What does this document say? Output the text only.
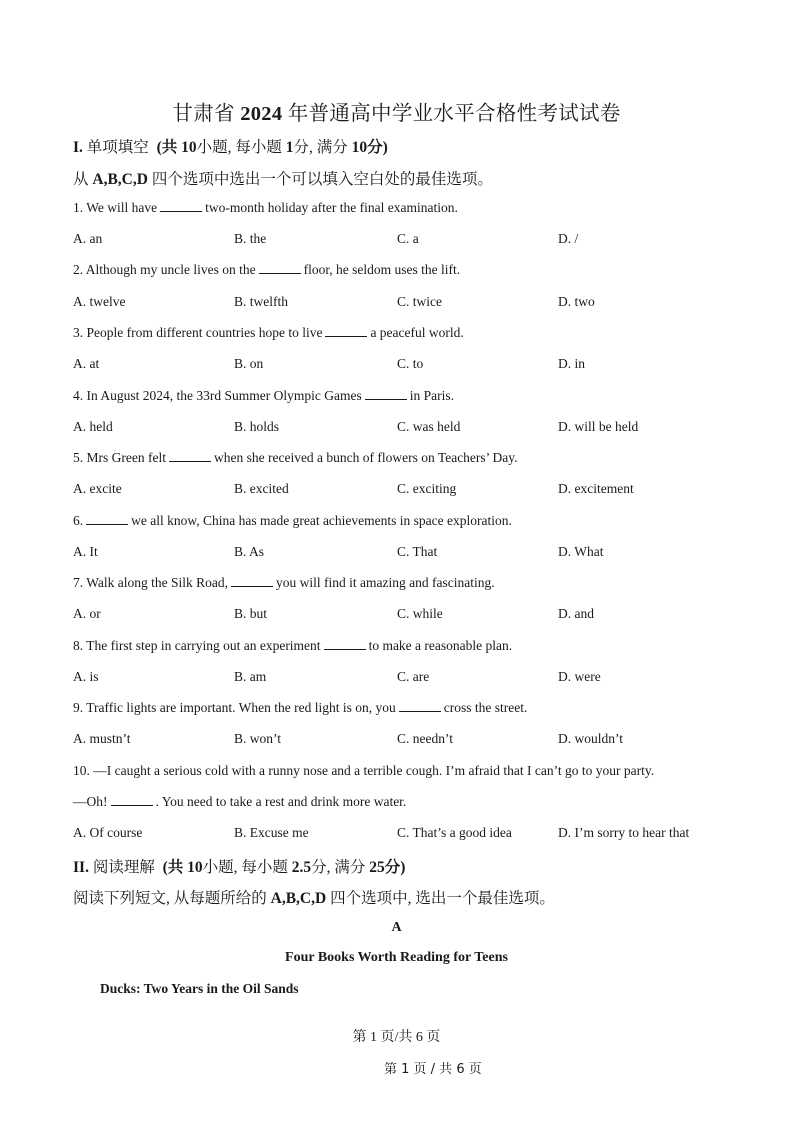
甘肃省 2024 年普通高中学业水平合格性考试试卷
I. 单项填空 (共 10小题, 每小题 1分, 满分 10分)
从 A,B,C,D 四个选项中选出一个可以填入空白处的最佳选项。
1. We will have	two-month holiday after the final examination.
A. an	B. the	C. a	D. /
2. Although my uncle lives on the	floor, he seldom uses the lift.
A. twelve	B. twelfth	C. twice	D. two
3. People from different countries hope to live	a peaceful world.
A. at	B. on	C. to	D. in
4. In August 2024, the 33rd Summer Olympic Games	in Paris.
A. held	B. holds	C. was held	D. will be held
5. Mrs Green felt	when she received a bunch of flowers on Teachers’ Day.
A. excite	B. excited	C. exciting	D. excitement
6.	we all know, China has made great achievements in space exploration.
A. It	B. As	C. That	D. What
7. Walk along the Silk Road,	you will find it amazing and fascinating.
A. or	B. but	C. while	D. and
8. The first step in carrying out an experiment	to make a reasonable plan.
A. is	B. am	C. are	D. were
9. Traffic lights are important. When the red light is on, you	cross the street.
A. mustn’t	B. won’t	C. needn’t	D. wouldn’t
10. —I caught a serious cold with a runny nose and a terrible cough. I’m afraid that I can’t go to your party.
—Oh!	. You need to take a rest and drink more water.
A. Of course	B. Excuse me	C. That’s a good idea	D. I’m sorry to hear that
II. 阅读理解 (共 10小题, 每小题 2.5分, 满分 25分)
阅读下列短文, 从每题所给的 A,B,C,D 四个选项中, 选出一个最佳选项。
A
Four Books Worth Reading for Teens
Ducks: Two Years in the Oil Sands
第 1 页/共 6 页
第 1 页 / 共 6 页
